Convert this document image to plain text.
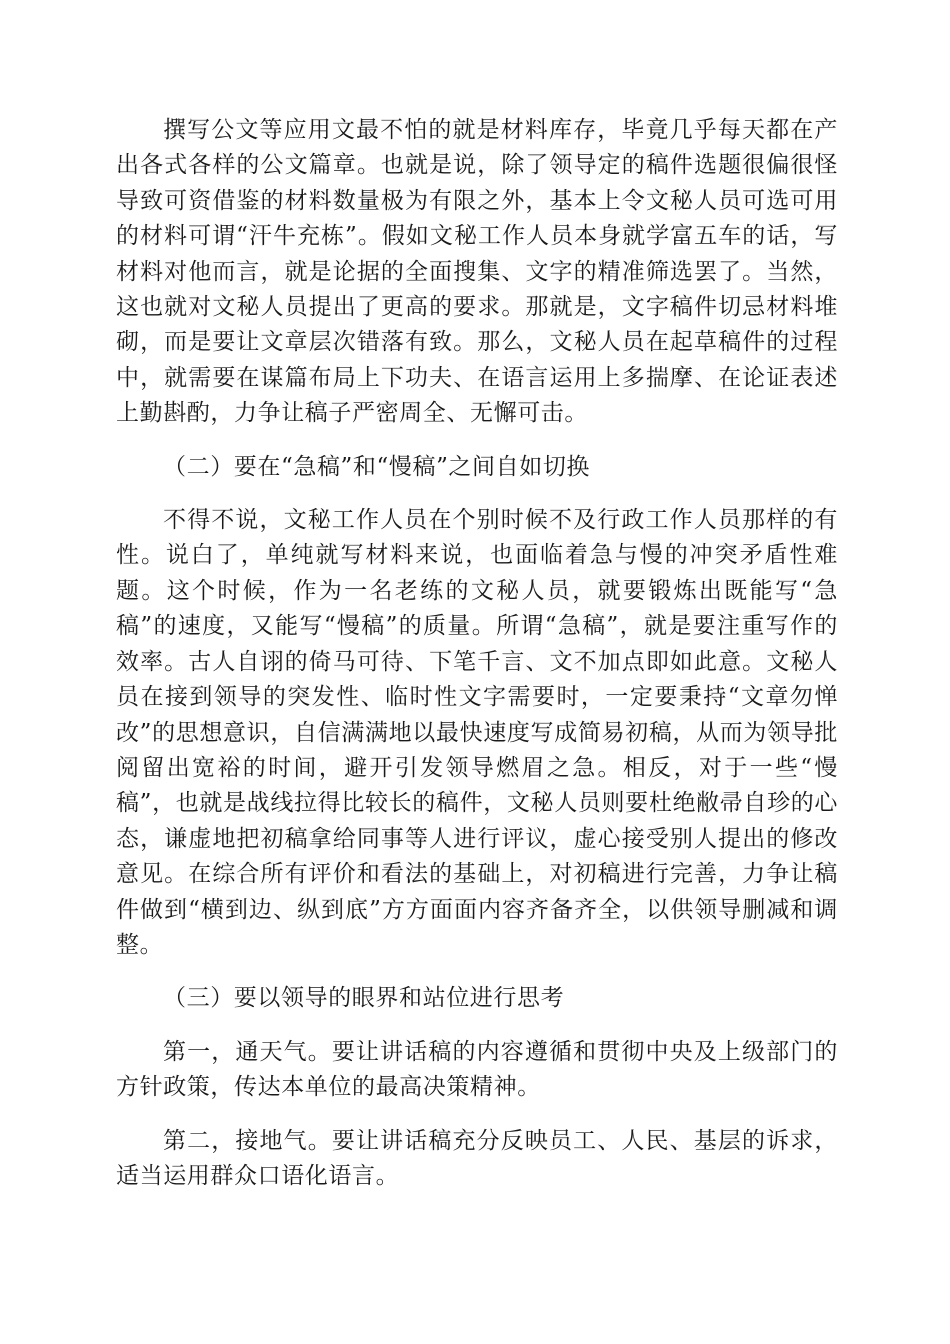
撰写公文等应用文最不怕的就是材料库存，毕竟几乎每天都在产出各式各样的公文篇章。也就是说，除了领导定的稿件选题很偏很怪导致可资借鉴的材料数量极为有限之外，基本上令文秘人员可选可用的材料可谓“汗牛充栋”。假如文秘工作人员本身就学富五车的话，写材料对他而言，就是论据的全面搜集、文字的精准筛选罢了。当然，这也就对文秘人员提出了更高的要求。那就是，文字稿件切忌材料堆砌，而是要让文章层次错落有致。那么，文秘人员在起草稿件的过程中，就需要在谋篇布局上下功夫、在语言运用上多揣摩、在论证表述上勤斟酌，力争让稿子严密周全、无懈可击。

（二）要在“急稿”和“慢稿”之间自如切换

不得不说，文秘工作人员在个别时候不及行政工作人员那样的有性。说白了，单纯就写材料来说，也面临着急与慢的冲突矛盾性难题。这个时候，作为一名老练的文秘人员，就要锻炼出既能写“急稿”的速度，又能写“慢稿”的质量。所谓“急稿”，就是要注重写作的效率。古人自诩的倚马可待、下笔千言、文不加点即如此意。文秘人员在接到领导的突发性、临时性文字需要时，一定要秉持“文章勿惮改”的思想意识，自信满满地以最快速度写成简易初稿，从而为领导批阅留出宽裕的时间，避开引发领导燃眉之急。相反，对于一些“慢稿”，也就是战线拉得比较长的稿件，文秘人员则要杜绝敝帚自珍的心态，谦虚地把初稿拿给同事等人进行评议，虚心接受别人提出的修改意见。在综合所有评价和看法的基础上，对初稿进行完善，力争让稿件做到“横到边、纵到底”方方面面内容齐备齐全，以供领导删减和调整。

（三）要以领导的眼界和站位进行思考

第一，通天气。要让讲话稿的内容遵循和贯彻中央及上级部门的方针政策，传达本单位的最高决策精神。

第二，接地气。要让讲话稿充分反映员工、人民、基层的诉求，适当运用群众口语化语言。
